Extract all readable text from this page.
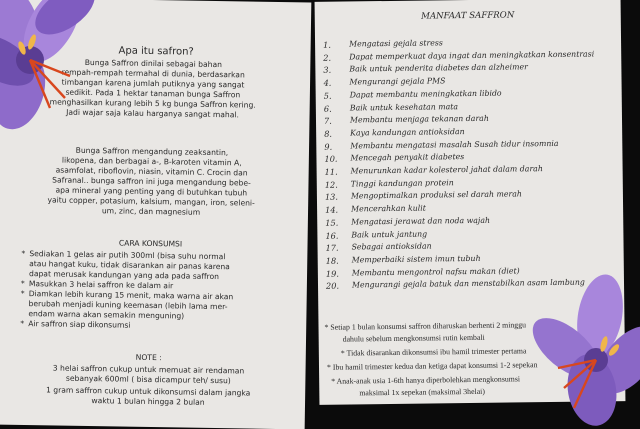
Apa itu safron?
Bunga Saffron dinilai sebagai bahan
rempah-rempah termahal di dunia, berdasarkan
timbangan karena jumlah putiknya yang sangat
sedikit. Pada 1 hektar tanaman bunga Saffron
menghasilkan kurang lebih 5 kg bunga Saffron kering.
Jadi wajar saja kalau harganya sangat mahal.
Bunga Saffron mengandung zeaksantin,
likopena, dan berbagai a-, B-karoten vitamin A,
asamfolat, riboflovin, niasin, vitamin C. Crocin dan
Safranal.. bunga saffron ini juga mengandung bebe-
apa mineral yang penting yang di butuhkan tubuh
yaitu copper, potasium, kalsium, mangan, iron, seleni-
um, zinc, dan magnesium
CARA KONSUMSI
* Sediakan 1 gelas air putih 300ml (bisa suhu normal
atau hangat kuku, tidak disarankan air panas karena
dapat merusak kandungan yang ada pada saffron
* Masukkan 3 helai saffron ke dalam air
* Diamkan lebih kurang 15 menit, maka warna air akan
berubah menjadi kuning keemasan (lebih lama mer-
endam warna akan semakin menguning)
* Air saffron siap dikonsumsi
NOTE :
3 helai saffron cukup untuk memuat air rendaman
sebanyak 600ml ( bisa dicampur teh/ susu)
1 gram saffron cukup untuk dikonsumsi dalam jangka
waktu 1 bulan hingga 2 bulan
MANFAAT SAFFRON
1. Mengatasi gejala stress
2. Dapat memperkuat daya ingat dan meningkatkan konsentrasi
3. Baik untuk penderita diabetes dan alzheimer
4. Mengurangi gejala PMS
5. Dapat membantu meningkatkan libido
6. Baik untuk kesehatan mata
7. Membantu menjaga tekanan darah
8. Kaya kandungan antioksidan
9. Membantu mengatasi masalah Susah tidur insomnia
10. Mencegah penyakit diabetes
11. Menurunkan kadar kolesterol jahat dalam darah
12. Tinggi kandungan protein
13. Mengoptimalkan produksi sel darah merah
14. Mencerahkan kulit
15. Mengatasi jerawat dan noda wajah
16. Baik untuk jantung
17. Sebagai antioksidan
18. Memperbaiki sistem imun tubuh
19. Membantu mengontrol nafsu makan (diet)
20. Mengurangi gejala batuk dan menstabilkan asam lambung
* Setiap 1 bulan konsumsi saffron diharuskan berhenti 2 minggu
dahulu sebelum mengkonsumsi rutin kembali
* Tidak disarankan dikonsumsi ibu hamil trimester pertama
* Ibu hamil trimester kedua dan ketiga dapat konsumsi 1-2 sepekan
* Anak-anak usia 1-6th hanya diperbolehkan mengkonsumsi
maksimal 1x sepekan (maksimal 3helai)
